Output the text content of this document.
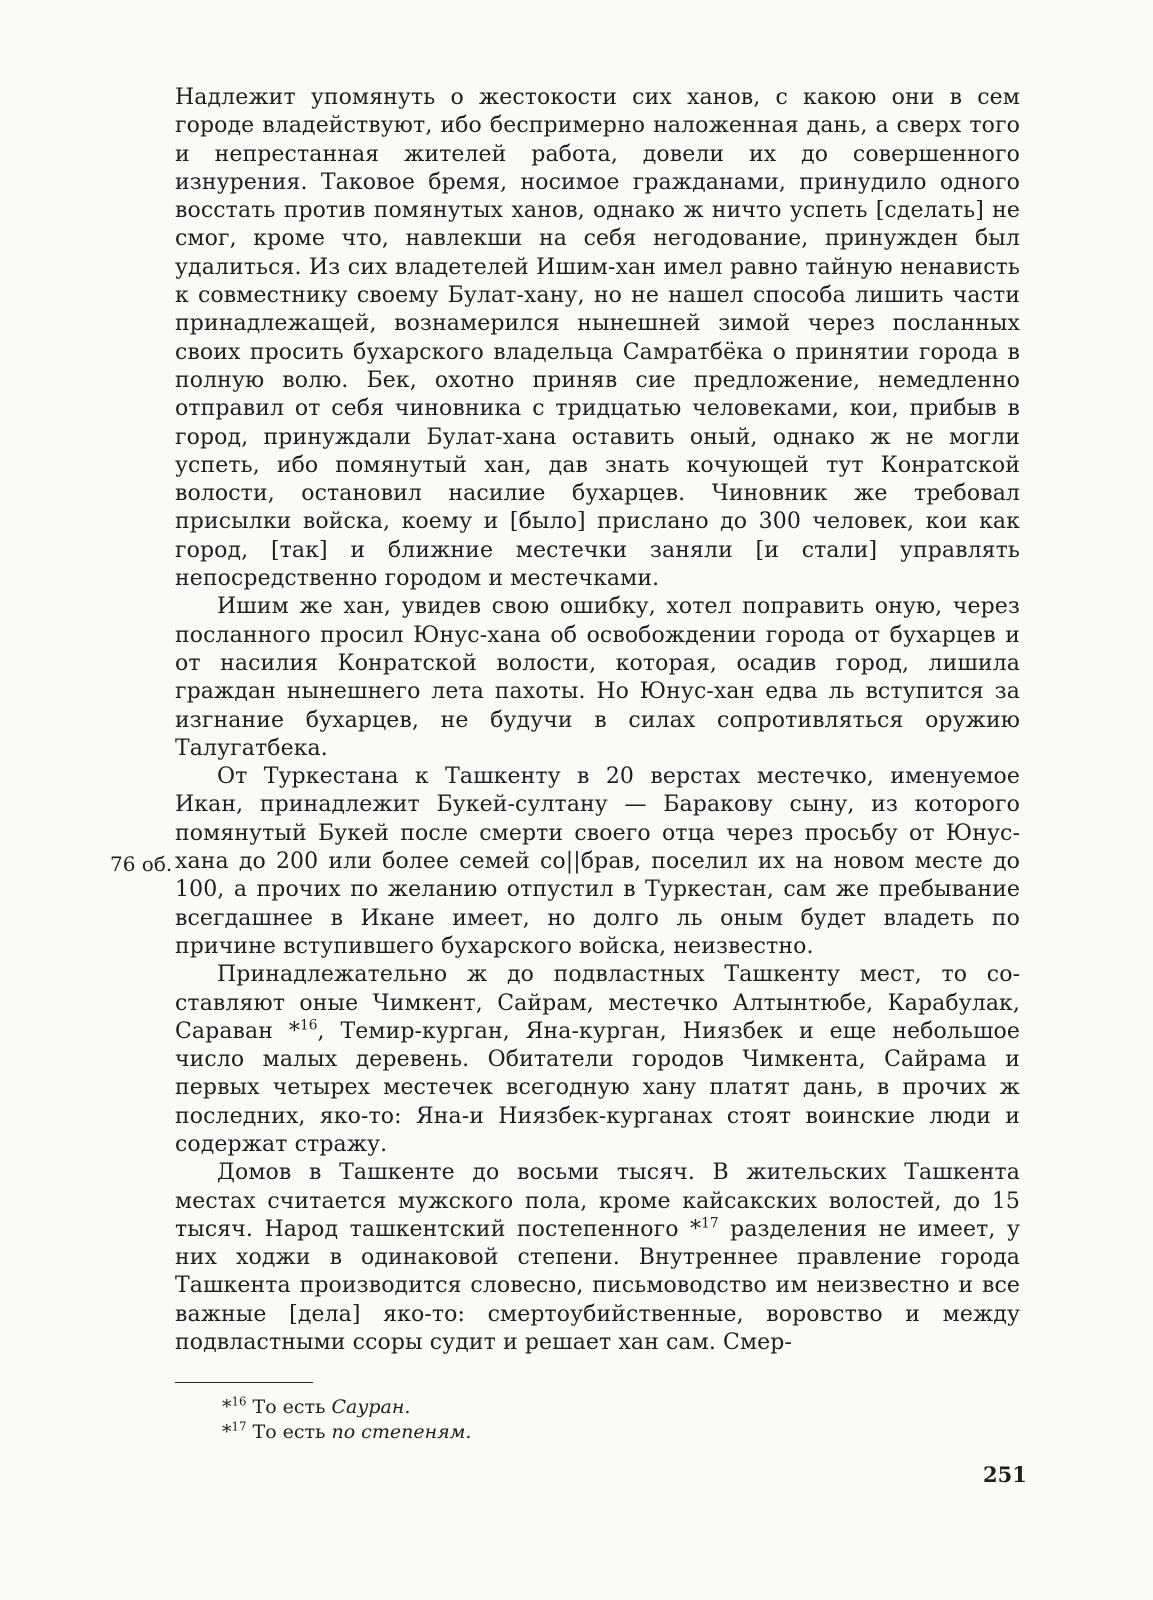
Надлежит упомянуть о жестокости сих ханов, с какою они в сем городе владействуют, ибо беспримерно наложенная дань, а сверх того и непрестанная жителей работа, довели их до совершенного изнурения. Таковое бремя, носимое гражданами, принудило одного восстать против помянутых ханов, однако ж ничто успеть [сделать] не смог, кроме что, навлекши на себя негодование, принужден был удалиться. Из сих владетелей Ишим-хан имел равно тайную ненависть к совместнику своему Булат-хану, но не нашел способа лишить части принадлежащей, вознамерился нынешней зимой через посланных своих просить бухарского владельца Самратбёка о принятии города в полную волю. Бек, охотно приняв сие предложение, немедленно отправил от себя чиновника с тридцатью человеками, кои, прибыв в город, принуждали Булат-хана оставить оный, однако ж не могли успеть, ибо помянутый хан, дав знать кочующей тут Конратской волости, остановил насилие бухарцев. Чиновник же требовал присылки войска, коему и [было] прислано до 300 человек, кои как город, [так] и ближние местечки заняли [и стали] управлять непосредственно городом и местечками.

Ишим же хан, увидев свою ошибку, хотел поправить оную, через посланного просил Юнус-хана об освобождении города от бухарцев и от насилия Конратской волости, которая, осадив город, лишила граждан нынешнего лета пахоты. Но Юнус-хан едва ль вступится за изгнание бухарцев, не будучи в силах сопротивляться оружию Талугатбека.

От Туркестана к Ташкенту в 20 верстах местечко, именуемое Икан, принадлежит Букей-султану — Баракову сыну, из которого помянутый Букей после смерти своего отца через просьбу от Юнус-хана до 200 или более семей со||брав, поселил их на новом месте до 100, а прочих по желанию отпустил в Туркестан, сам же пребывание всегдашнее в Икане имеет, но долго ль оным будет владеть по причине вступившего бухарского войска, неизвестно.

Принадлежательно ж до подвластных Ташкенту мест, то составляют оные Чимкент, Сайрам, местечко Алтынтюбе, Карабулак, Сараван *$^{16}$, Темир-курган, Яна-курган, Ниязбек и еще небольшое число малых деревень. Обитатели городов Чимкента, Сайрама и первых четырех местечек всегодную хану платят дань, в прочих ж последних, яко-то: Яна-и Ниязбек-курганах стоят воинские люди и содержат стражу.

Домов в Ташкенте до восьми тысяч. В жительских Ташкента местах считается мужского пола, кроме кайсакских волостей, до 15 тысяч. Народ ташкентский постепенного *$^{17}$ разделения не имеет, у них ходжи в одинаковой степени. Внутреннее правление города Ташкента производится словесно, письмоводство им неизвестно и все важные [дела] яко-то: смертоубийственные, воровство и между подвластными ссоры судит и решает хан сам. Смер-

76 об.

*$^{16}$ То есть Сауран.

*$^{17}$ То есть по степеням.

251
